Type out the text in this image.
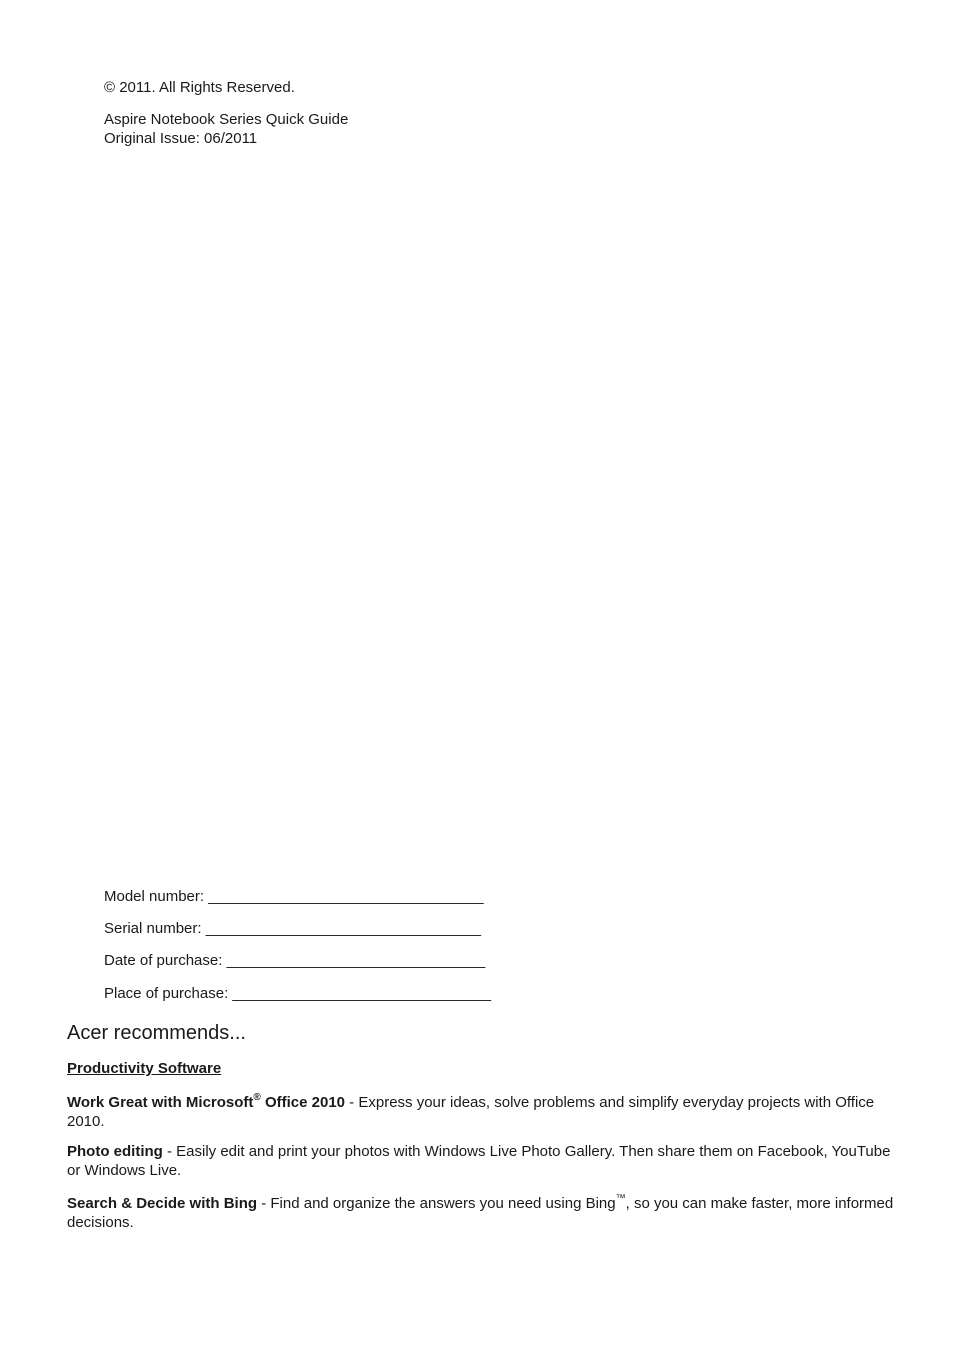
© 2011. All Rights Reserved.

Aspire Notebook Series Quick Guide

Original Issue: 06/2011

Model number: _________________________________

Serial number: _________________________________

Date of purchase: _______________________________

Place of purchase: _______________________________

Acer recommends...

Productivity Software

Work Great with Microsoft® Office 2010 - Express your ideas, solve problems and simplify everyday projects with Office 2010.

Photo editing - Easily edit and print your photos with Windows Live Photo Gallery. Then share them on Facebook, YouTube or Windows Live.

Search & Decide with Bing - Find and organize the answers you need using Bing™, so you can make faster, more informed decisions.
